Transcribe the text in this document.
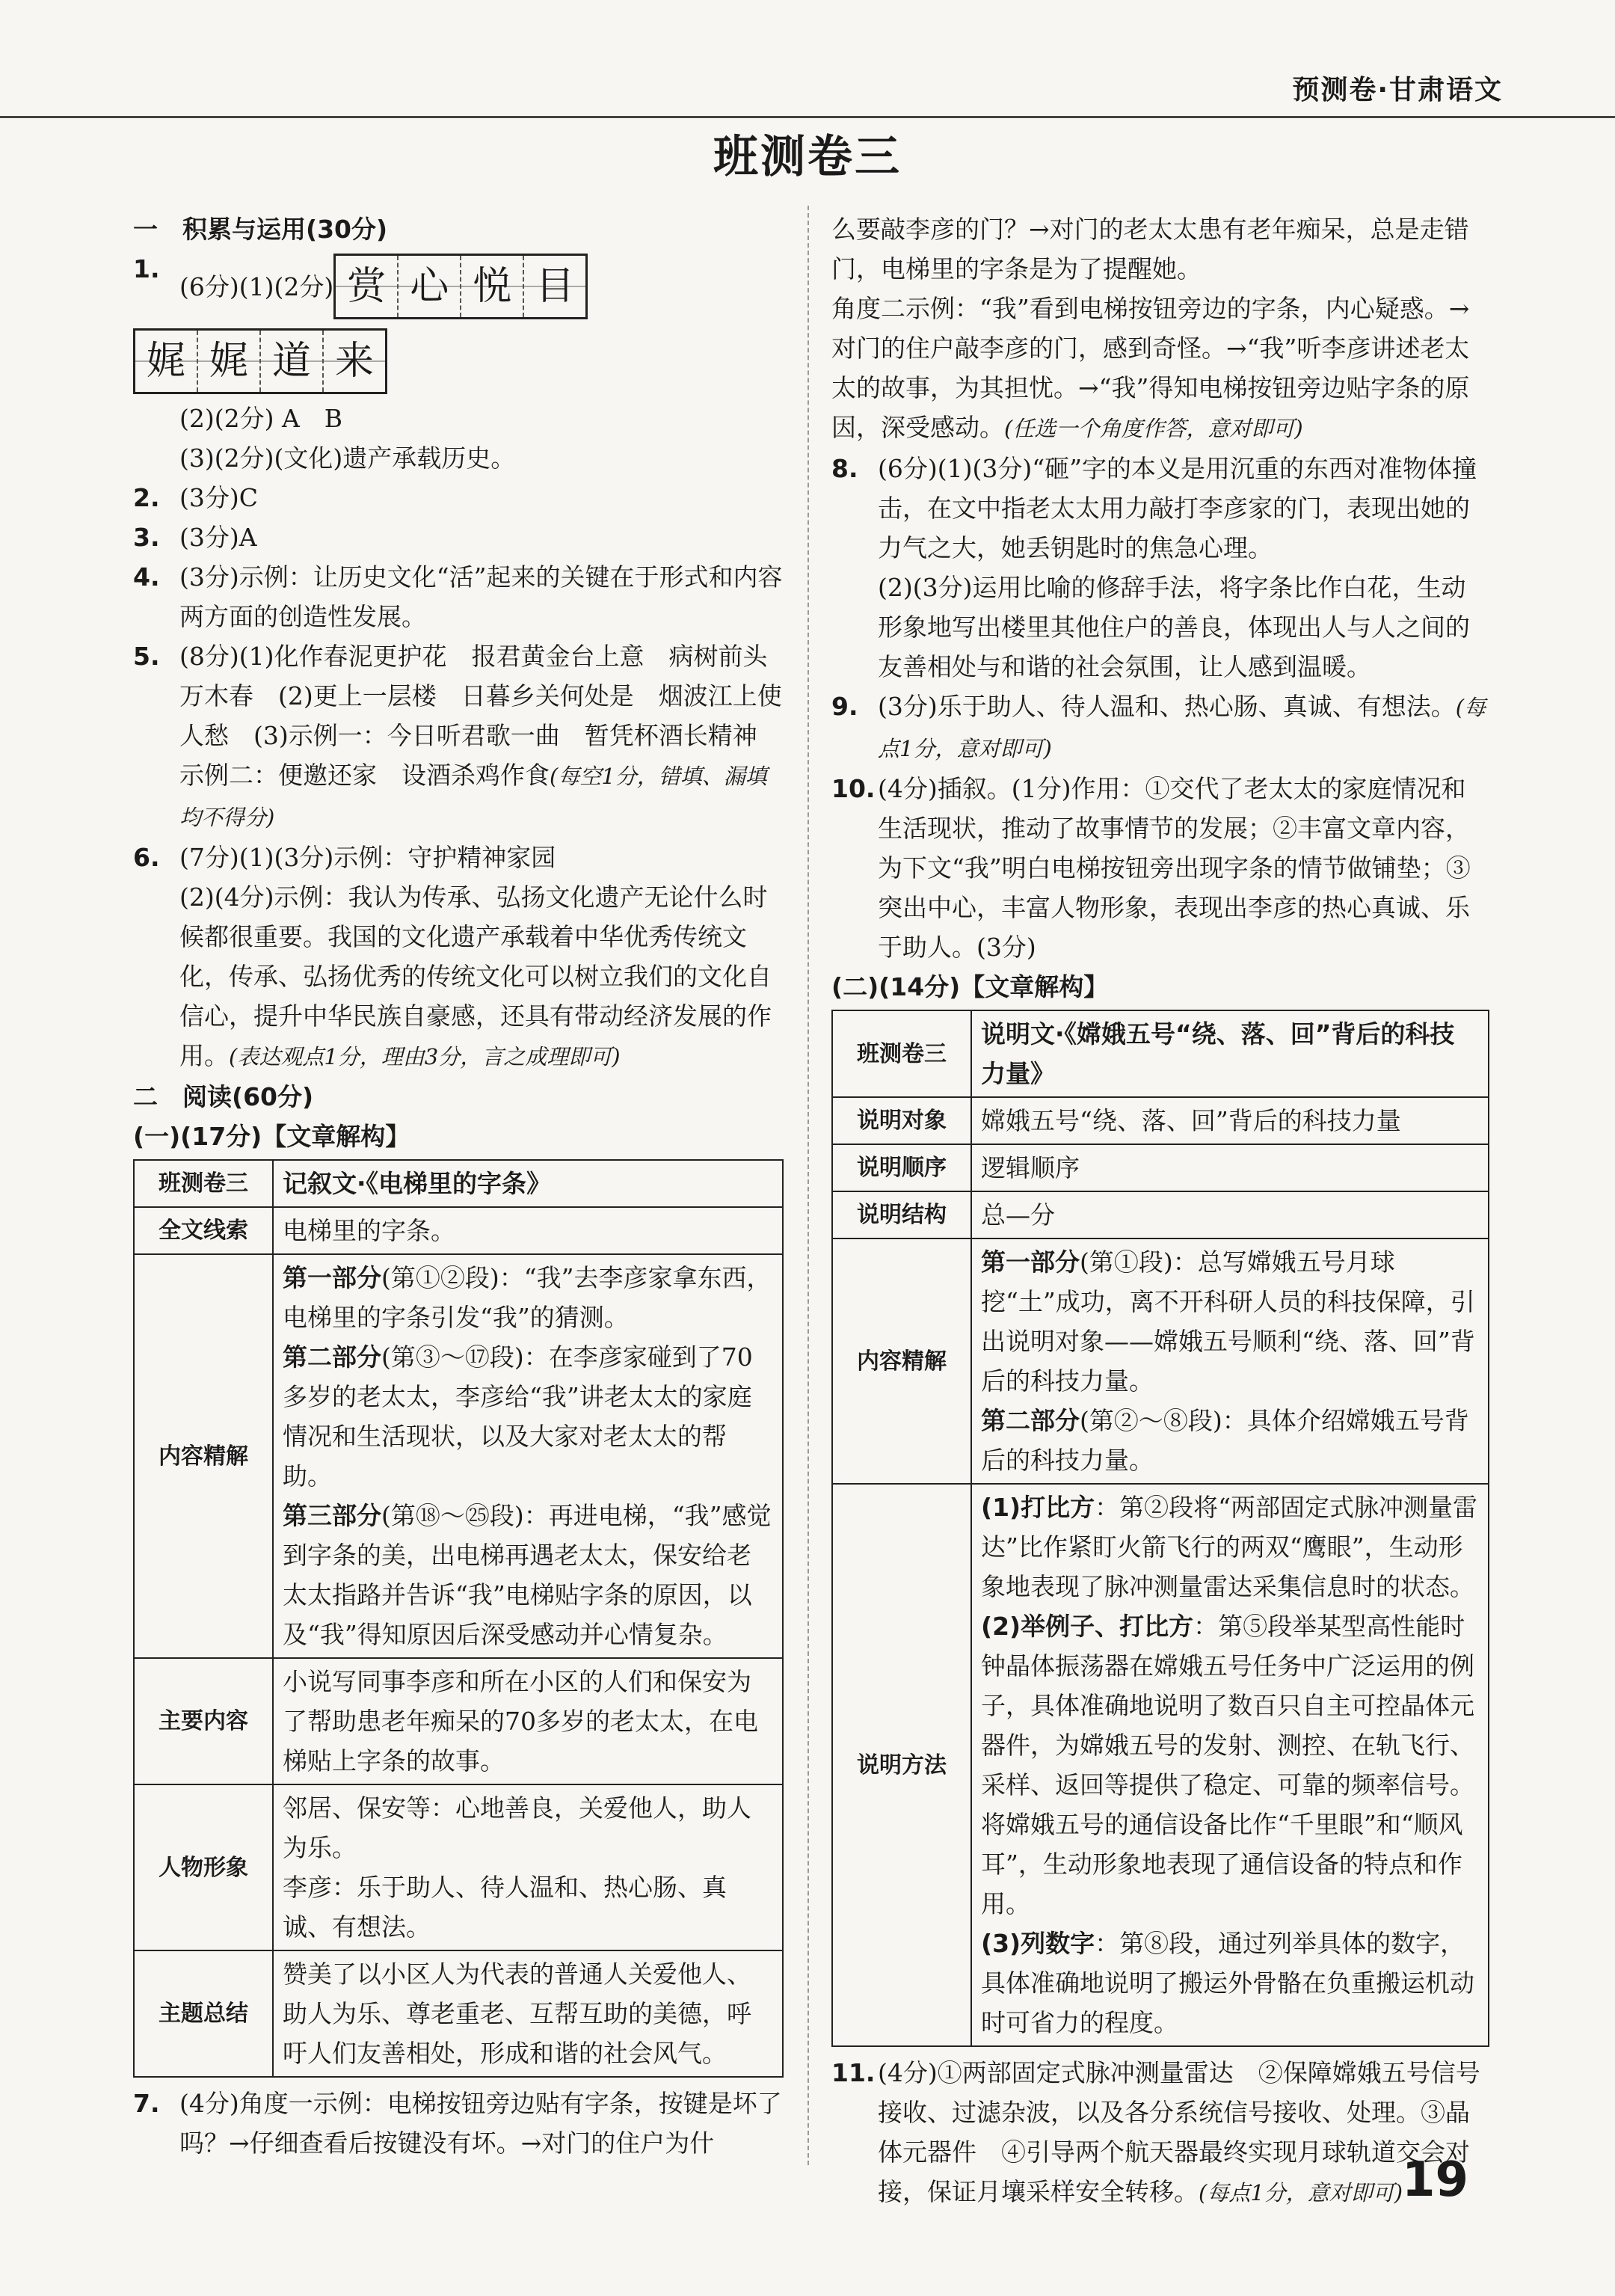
预测卷·甘肃语文
班测卷三
一　积累与运用(30分)
1.
(6分)(1)(2分) 赏 心 悦 目
娓 娓 道 来
(2)(2分) A　B
(3)(2分)(文化)遗产承载历史。
2. (3分)C
3. (3分)A
4. (3分)示例：让历史文化“活”起来的关键在于形式和内容两方面的创造性发展。
5. (8分)(1)化作春泥更护花　报君黄金台上意　病树前头万木春　(2)更上一层楼　日暮乡关何处是　烟波江上使人愁　(3)示例一：今日听君歌一曲　暂凭杯酒长精神　示例二：便邀还家　设酒杀鸡作食(每空1分，错填、漏填均不得分)
6. (7分)(1)(3分)示例：守护精神家园
(2)(4分)示例：我认为传承、弘扬文化遗产无论什么时候都很重要。我国的文化遗产承载着中华优秀传统文化，传承、弘扬优秀的传统文化可以树立我们的文化自信心，提升中华民族自豪感，还具有带动经济发展的作用。(表达观点1分，理由3分，言之成理即可)
二　阅读(60分)
(一)(17分)【文章解构】
班测卷三	记叙文·《电梯里的字条》
全文线索	电梯里的字条。
内容精解	第一部分(第①②段)：“我”去李彦家拿东西，电梯里的字条引发“我”的猜测。
第二部分(第③～⑰段)：在李彦家碰到了70多岁的老太太，李彦给“我”讲老太太的家庭情况和生活现状，以及大家对老太太的帮助。
第三部分(第⑱～㉕段)：再进电梯，“我”感觉到字条的美，出电梯再遇老太太，保安给老太太指路并告诉“我”电梯贴字条的原因，以及“我”得知原因后深受感动并心情复杂。

主要内容	小说写同事李彦和所在小区的人们和保安为了帮助患老年痴呆的70多岁的老太太，在电梯贴上字条的故事。
人物形象	邻居、保安等：心地善良，关爱他人，助人为乐。
李彦：乐于助人、待人温和、热心肠、真诚、有想法。

主题总结	赞美了以小区人为代表的普通人关爱他人、助人为乐、尊老重老、互帮互助的美德，呼吁人们友善相处，形成和谐的社会风气。
7. (4分)角度一示例：电梯按钮旁边贴有字条，按键是坏了吗？→仔细查看后按键没有坏。→对门的住户为什
么要敲李彦的门？→对门的老太太患有老年痴呆，总是走错门，电梯里的字条是为了提醒她。
角度二示例：“我”看到电梯按钮旁边的字条，内心疑惑。→对门的住户敲李彦的门，感到奇怪。→“我”听李彦讲述老太太的故事，为其担忧。→“我”得知电梯按钮旁边贴字条的原因，深受感动。(任选一个角度作答，意对即可)
8. (6分)(1)(3分)“砸”字的本义是用沉重的东西对准物体撞击，在文中指老太太用力敲打李彦家的门，表现出她的力气之大，她丢钥匙时的焦急心理。
(2)(3分)运用比喻的修辞手法，将字条比作白花，生动形象地写出楼里其他住户的善良，体现出人与人之间的友善相处与和谐的社会氛围，让人感到温暖。
9. (3分)乐于助人、待人温和、热心肠、真诚、有想法。(每点1分，意对即可)
10. (4分)插叙。(1分)作用：①交代了老太太的家庭情况和生活现状，推动了故事情节的发展；②丰富文章内容，为下文“我”明白电梯按钮旁出现字条的情节做铺垫；③突出中心，丰富人物形象，表现出李彦的热心真诚、乐于助人。(3分)
(二)(14分)【文章解构】
班测卷三	说明文·《嫦娥五号“绕、落、回”背后的科技力量》
说明对象	嫦娥五号“绕、落、回”背后的科技力量
说明顺序	逻辑顺序
说明结构	总—分
内容精解	第一部分(第①段)：总写嫦娥五号月球挖“土”成功，离不开科研人员的科技保障，引出说明对象——嫦娥五号顺利“绕、落、回”背后的科技力量。
第二部分(第②～⑧段)：具体介绍嫦娥五号背后的科技力量。

说明方法	(1)打比方：第②段将“两部固定式脉冲测量雷达”比作紧盯火箭飞行的两双“鹰眼”，生动形象地表现了脉冲测量雷达采集信息时的状态。
(2)举例子、打比方：第⑤段举某型高性能时钟晶体振荡器在嫦娥五号任务中广泛运用的例子，具体准确地说明了数百只自主可控晶体元器件，为嫦娥五号的发射、测控、在轨飞行、采样、返回等提供了稳定、可靠的频率信号。将嫦娥五号的通信设备比作“千里眼”和“顺风耳”，生动形象地表现了通信设备的特点和作用。
(3)列数字：第⑧段，通过列举具体的数字，具体准确地说明了搬运外骨骼在负重搬运机动时可省力的程度。
11. (4分)①两部固定式脉冲测量雷达　②保障嫦娥五号信号接收、过滤杂波，以及各分系统信号接收、处理。③晶体元器件　④引导两个航天器最终实现月球轨道交会对接，保证月壤采样安全转移。(每点1分，意对即可)
19
